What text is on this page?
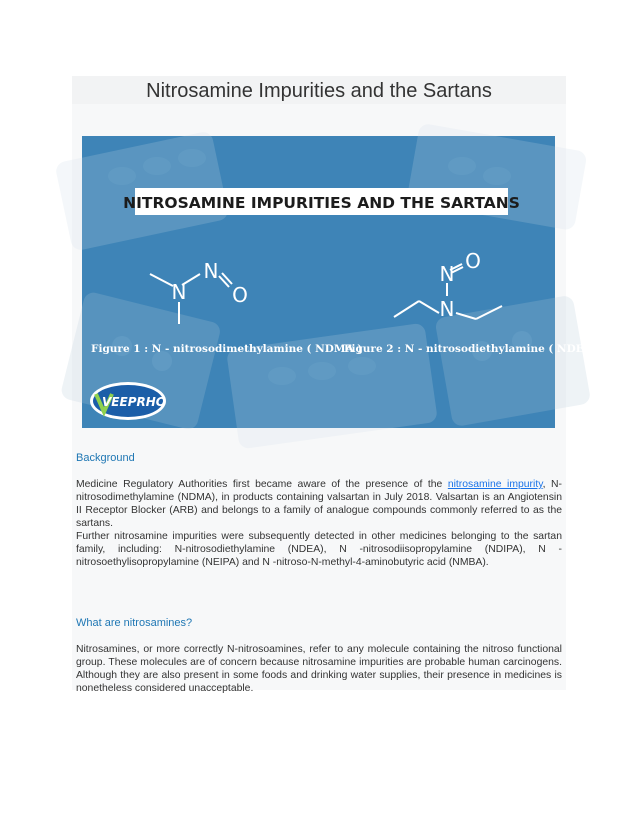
Nitrosamine Impurities and the Sartans
NITROSAMINE IMPURITIES AND THE SARTANS
N
N
O
N
O
N
Figure 1 : N - nitrosodimethylamine ( NDMA )
Figure 2 : N - nitrosodiethylamine ( NDEA )
VEEPRHO
Background

Medicine Regulatory Authorities first became aware of the presence of the nitrosamine impurity, N-nitrosodimethylamine (NDMA), in products containing valsartan in July 2018. Valsartan is an Angiotensin II Receptor Blocker (ARB) and belongs to a family of analogue compounds commonly referred to as the sartans.

Further nitrosamine impurities were subsequently detected in other medicines belonging to the sartan family, including: N-nitrosodiethylamine (NDEA), N -nitrosodiisopropylamine (NDIPA), N -nitrosoethylisopropylamine (NEIPA) and N -nitroso-N-methyl-4-aminobutyric acid (NMBA).

What are nitrosamines?

Nitrosamines, or more correctly N-nitrosoamines, refer to any molecule containing the nitroso functional group. These molecules are of concern because nitrosamine impurities are probable human carcinogens. Although they are also present in some foods and drinking water supplies, their presence in medicines is nonetheless considered unacceptable.
